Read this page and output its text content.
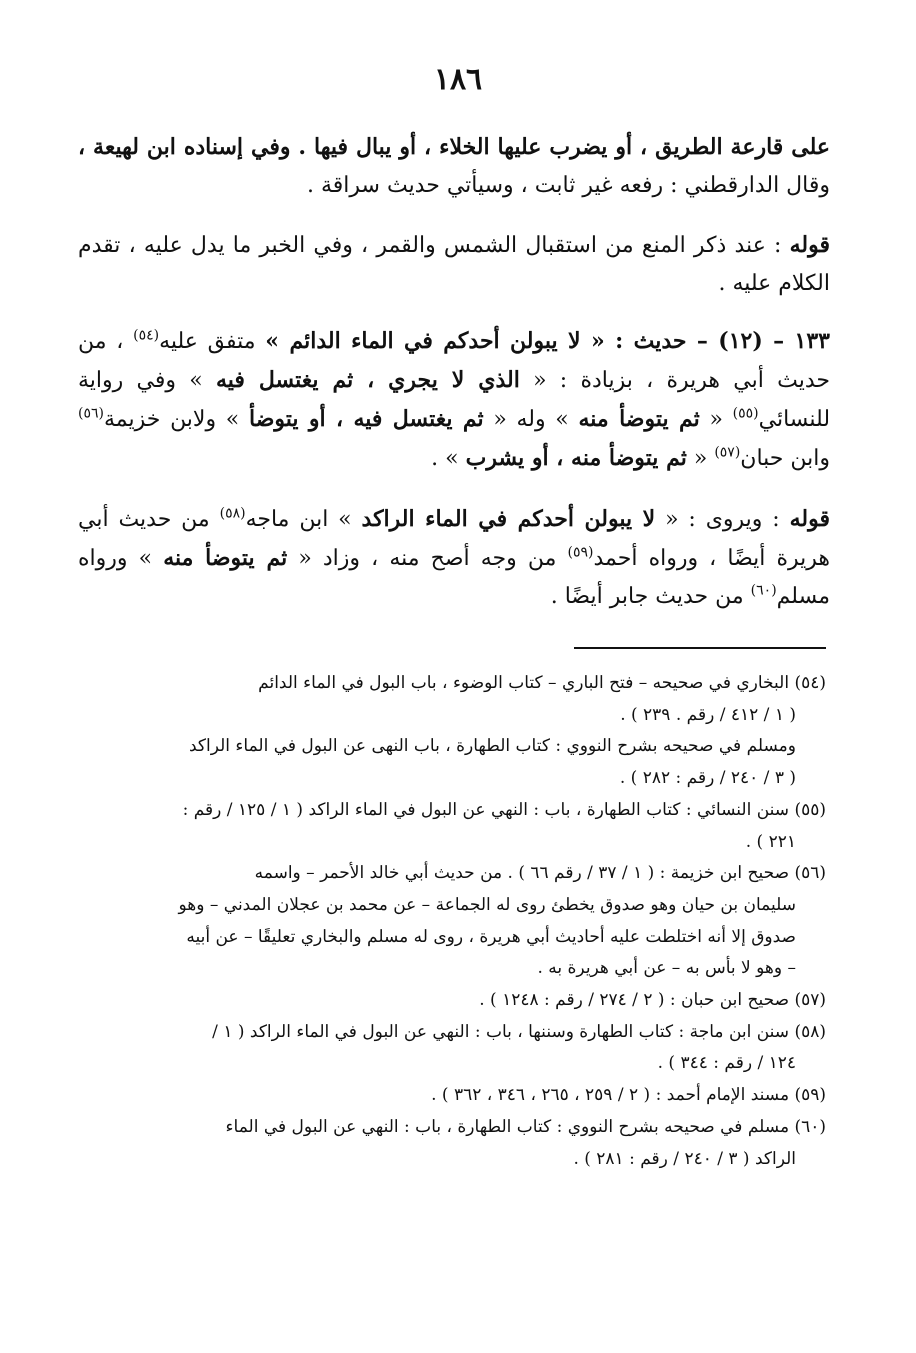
١٨٦

على قارعة الطريق ، أو يضرب عليها الخلاء ، أو يبال فيها . وفي إسناده ابن لهيعة ، وقال الدارقطني : رفعه غير ثابت ، وسيأتي حديث سراقة .

قوله : عند ذكر المنع من استقبال الشمس والقمر ، وفي الخبر ما يدل عليه ، تقدم الكلام عليه .

١٣٣ – (١٢) – حديث : « لا يبولن أحدكم في الماء الدائم » متفق عليه$^{(٥٤)}$ ، من حديث أبي هريرة ، بزيادة : « الذي لا يجري ، ثم يغتسل فيه » وفي رواية للنسائي$^{(٥٥)}$ « ثم يتوضأ منه » وله « ثم يغتسل فيه ، أو يتوضأ » ولابن خزيمة$^{(٥٦)}$ وابن حبان$^{(٥٧)}$ « ثم يتوضأ منه ، أو يشرب » .

قوله : ويروى : « لا يبولن أحدكم في الماء الراكد » ابن ماجه$^{(٥٨)}$ من حديث أبي هريرة أيضًا ، ورواه أحمد$^{(٥٩)}$ من وجه أصح منه ، وزاد « ثم يتوضأ منه » ورواه مسلم$^{(٦٠)}$ من حديث جابر أيضًا .

(٥٤) البخاري في صحيحه – فتح الباري – كتاب الوضوء ، باب البول في الماء الدائم
( ١ / ٤١٢ / رقم . ٢٣٩ ) .
ومسلم في صحيحه بشرح النووي : كتاب الطهارة ، باب النهى عن البول في الماء الراكد
( ٣ / ٢٤٠ / رقم : ٢٨٢ ) .
(٥٥) سنن النسائي : كتاب الطهارة ، باب : النهي عن البول في الماء الراكد ( ١ / ١٢٥ / رقم :
٢٢١ ) .
(٥٦) صحيح ابن خزيمة : ( ١ / ٣٧ / رقم ٦٦ ) . من حديث أبي خالد الأحمر – واسمه
سليمان بن حيان وهو صدوق يخطئ روى له الجماعة – عن محمد بن عجلان المدني – وهو
صدوق إلا أنه اختلطت عليه أحاديث أبي هريرة ، روى له مسلم والبخاري تعليقًا – عن أبيه
– وهو لا بأس به – عن أبي هريرة به .
(٥٧) صحيح ابن حبان : ( ٢ / ٢٧٤ / رقم : ١٢٤٨ ) .
(٥٨) سنن ابن ماجة : كتاب الطهارة وسننها ، باب : النهي عن البول في الماء الراكد ( ١ /
١٢٤ / رقم : ٣٤٤ ) .
(٥٩) مسند الإمام أحمد : ( ٢ / ٢٥٩ ، ٢٦٥ ، ٣٤٦ ، ٣٦٢ ) .
(٦٠) مسلم في صحيحه بشرح النووي : كتاب الطهارة ، باب : النهي عن البول في الماء
الراكد ( ٣ / ٢٤٠ / رقم : ٢٨١ ) .
